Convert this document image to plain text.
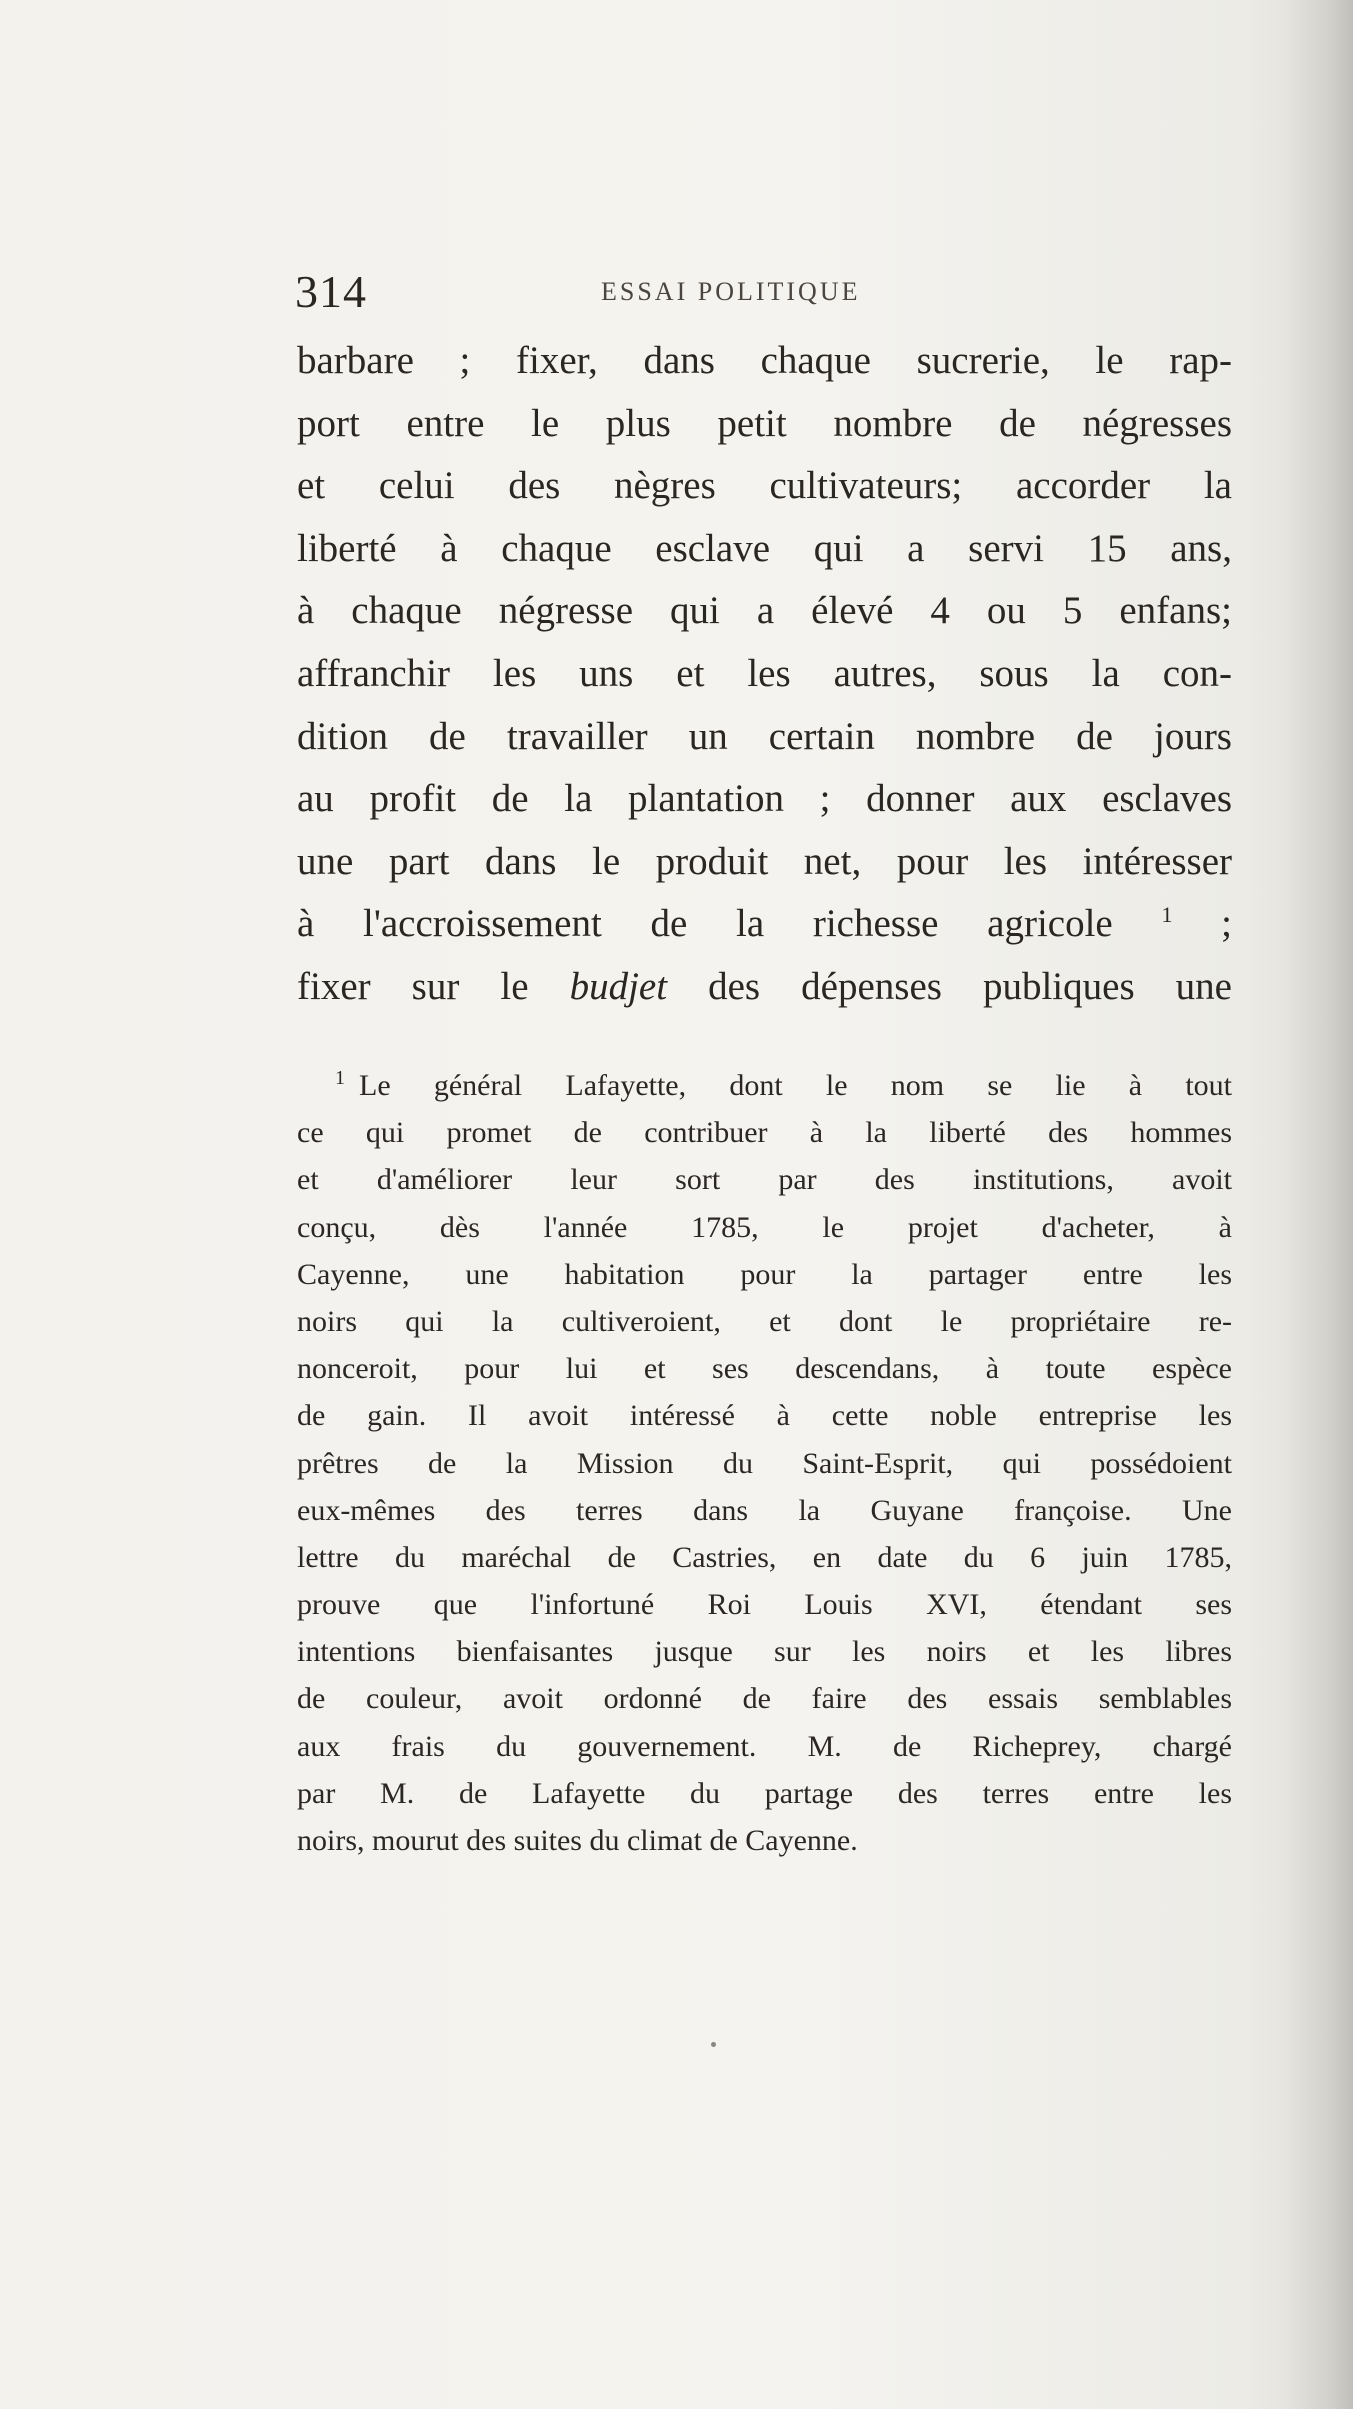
314	ESSAI POLITIQUE
barbare ; fixer, dans chaque sucrerie, le rap-
port entre le plus petit nombre de négresses
et celui des nègres cultivateurs; accorder la
liberté à chaque esclave qui a servi 15 ans,
à chaque négresse qui a élevé 4 ou 5 enfans;
affranchir les uns et les autres, sous la con-
dition de travailler un certain nombre de jours
au profit de la plantation ; donner aux esclaves
une part dans le produit net, pour les intéresser
à l'accroissement de la richesse agricole $^1$ ;
fixer sur le budjet des dépenses publiques une
$^1$ Le général Lafayette, dont le nom se lie à tout
ce qui promet de contribuer à la liberté des hommes
et d'améliorer leur sort par des institutions, avoit
conçu, dès l'année 1785, le projet d'acheter, à
Cayenne, une habitation pour la partager entre les
noirs qui la cultiveroient, et dont le propriétaire re-
nonceroit, pour lui et ses descendans, à toute espèce
de gain. Il avoit intéressé à cette noble entreprise les
prêtres de la Mission du Saint-Esprit, qui possédoient
eux-mêmes des terres dans la Guyane françoise. Une
lettre du maréchal de Castries, en date du 6 juin 1785,
prouve que l'infortuné Roi Louis XVI, étendant ses
intentions bienfaisantes jusque sur les noirs et les libres
de couleur, avoit ordonné de faire des essais semblables
aux frais du gouvernement. M. de Richeprey, chargé
par M. de Lafayette du partage des terres entre les
noirs, mourut des suites du climat de Cayenne.
